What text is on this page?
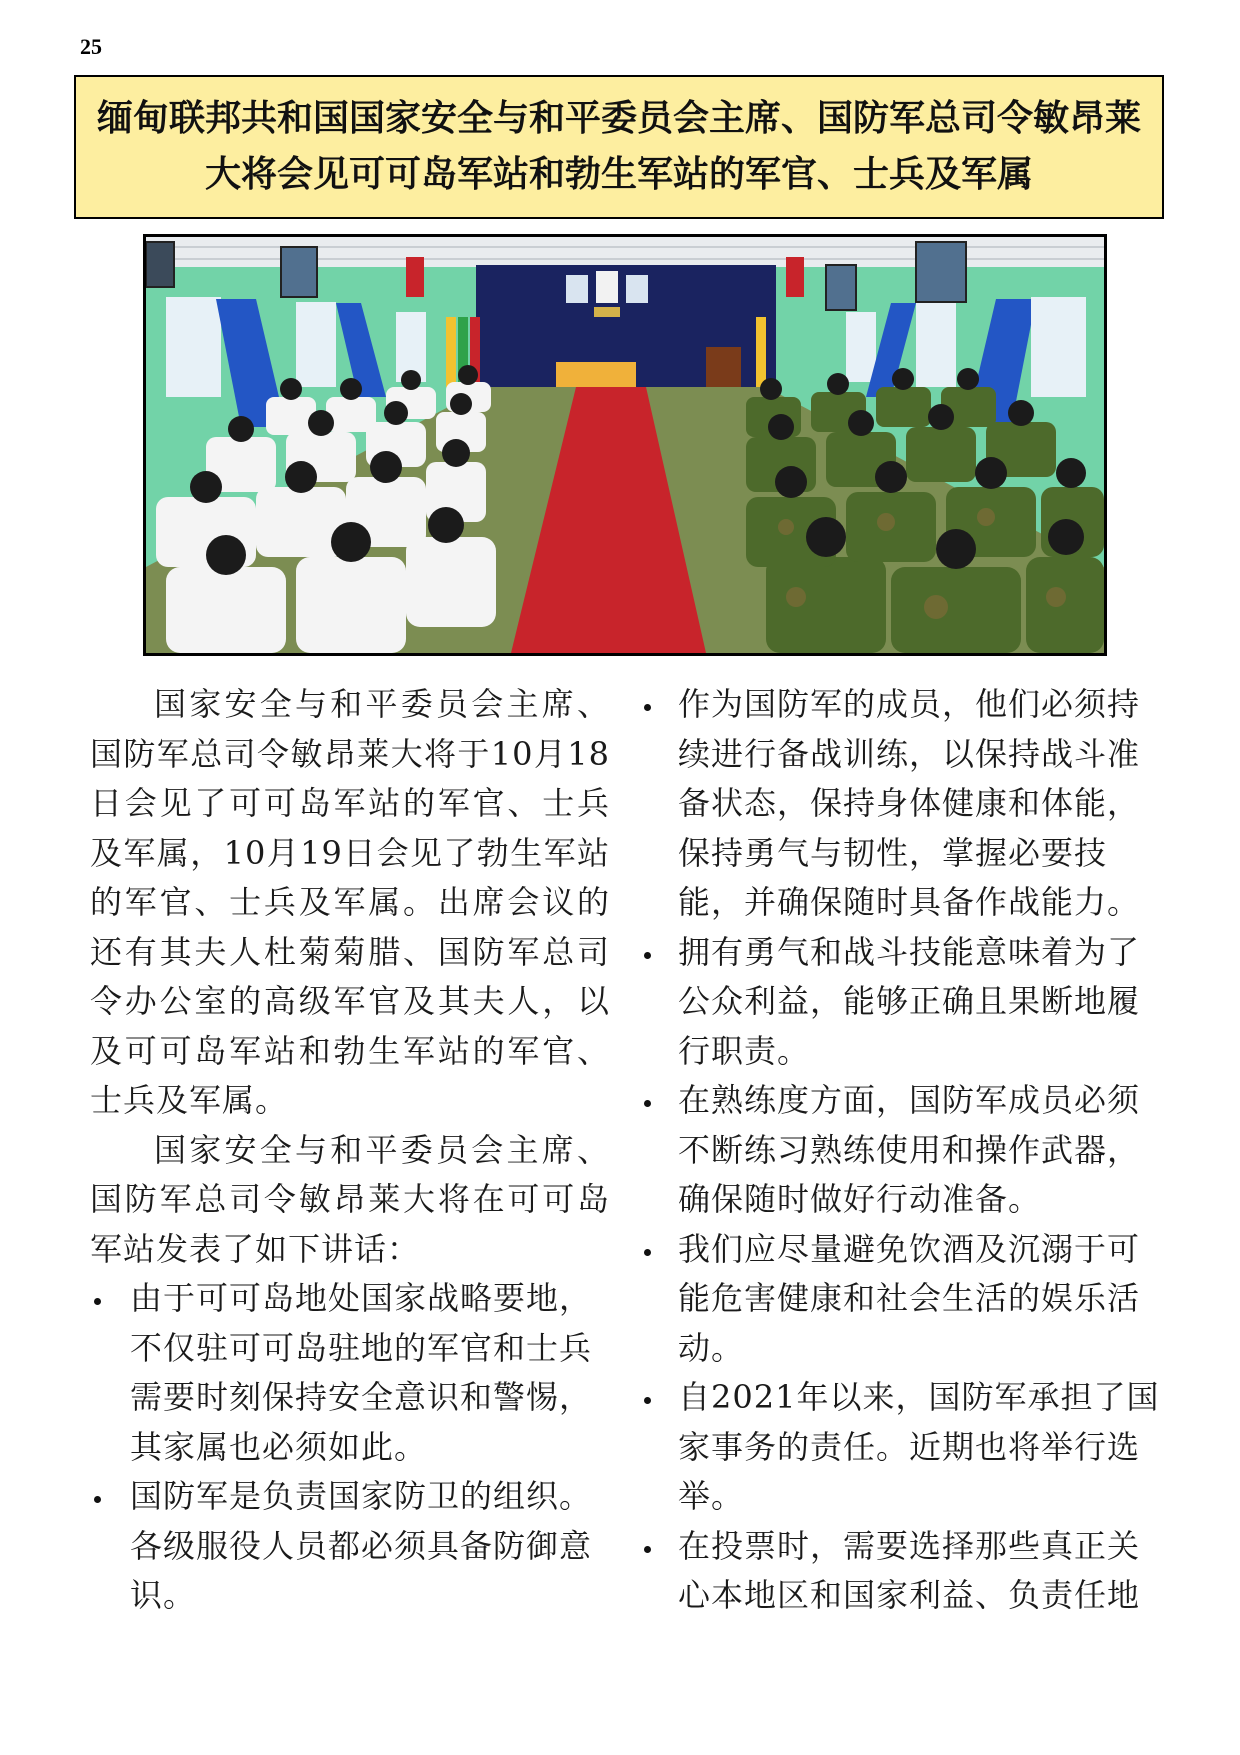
25
缅甸联邦共和国国家安全与和平委员会主席、国防军总司令敏昂莱大将会见可可岛军站和勃生军站的军官、士兵及军属

国家安全与和平委员会主席、国防军总司令敏昂莱大将于10月18日会见了可可岛军站的军官、士兵及军属，10月19日会见了勃生军站的军官、士兵及军属。出席会议的还有其夫人杜菊菊腊、国防军总司令办公室的高级军官及其夫人，以及可可岛军站和勃生军站的军官、士兵及军属。

国家安全与和平委员会主席、国防军总司令敏昂莱大将在可可岛军站发表了如下讲话：

由于可可岛地处国家战略要地，不仅驻可可岛驻地的军官和士兵需要时刻保持安全意识和警惕，其家属也必须如此。
国防军是负责国家防卫的组织。各级服役人员都必须具备防御意识。
作为国防军的成员，他们必须持续进行备战训练，以保持战斗准备状态，保持身体健康和体能，保持勇气与韧性，掌握必要技能，并确保随时具备作战能力。
拥有勇气和战斗技能意味着为了公众利益，能够正确且果断地履行职责。
在熟练度方面，国防军成员必须不断练习熟练使用和操作武器，确保随时做好行动准备。
我们应尽量避免饮酒及沉溺于可能危害健康和社会生活的娱乐活动。
自2021年以来，国防军承担了国家事务的责任。近期也将举行选举。
在投票时，需要选择那些真正关心本地区和国家利益、负责任地
